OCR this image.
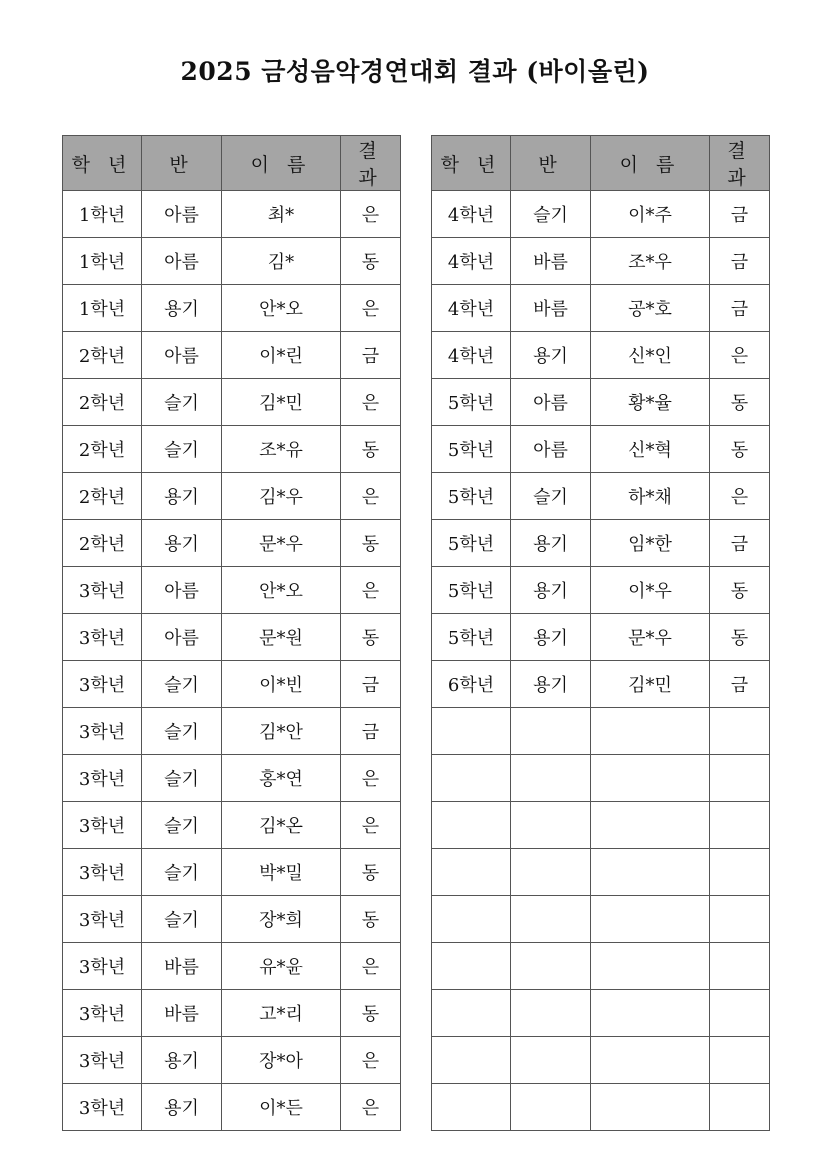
2025 금성음악경연대회 결과 (바이올린)
학 년	반	이 름	결 과
1학년	아름	최*	은
1학년	아름	김*	동
1학년	용기	안*오	은
2학년	아름	이*린	금
2학년	슬기	김*민	은
2학년	슬기	조*유	동
2학년	용기	김*우	은
2학년	용기	문*우	동
3학년	아름	안*오	은
3학년	아름	문*원	동
3학년	슬기	이*빈	금
3학년	슬기	김*안	금
3학년	슬기	홍*연	은
3학년	슬기	김*온	은
3학년	슬기	박*밀	동
3학년	슬기	장*희	동
3학년	바름	유*윤	은
3학년	바름	고*리	동
3학년	용기	장*아	은
3학년	용기	이*든	은
학 년	반	이 름	결 과
4학년	슬기	이*주	금
4학년	바름	조*우	금
4학년	바름	공*호	금
4학년	용기	신*인	은
5학년	아름	황*율	동
5학년	아름	신*혁	동
5학년	슬기	하*채	은
5학년	용기	임*한	금
5학년	용기	이*우	동
5학년	용기	문*우	동
6학년	용기	김*민	금
